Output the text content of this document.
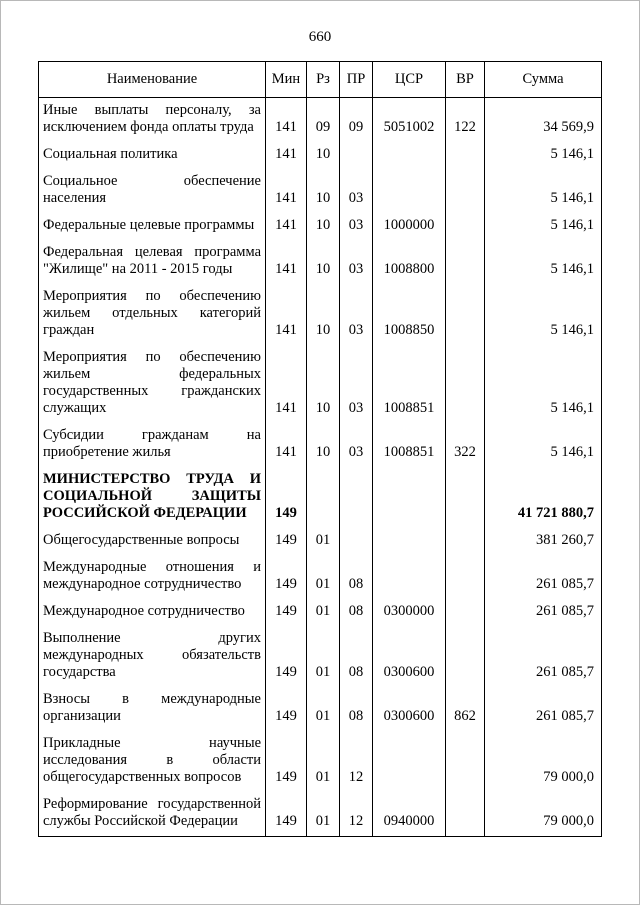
660
Наименование	Мин	Рз	ПР	ЦСР	ВР	Сумма
Иные выплаты персоналу, за исключением фонда оплаты труда	141	09	09	5051002	122	34 569,9
Социальная политика	141	10				5 146,1
Социальное обеспечение населения	141	10	03			5 146,1
Федеральные целевые программы	141	10	03	1000000		5 146,1
Федеральная целевая программа "Жилище" на 2011 - 2015 годы	141	10	03	1008800		5 146,1
Мероприятия по обеспечению жильем отдельных категорий граждан	141	10	03	1008850		5 146,1
Мероприятия по обеспечению жильем федеральных государственных гражданских служащих	141	10	03	1008851		5 146,1
Субсидии гражданам на приобретение жилья	141	10	03	1008851	322	5 146,1
МИНИСТЕРСТВО ТРУДА И СОЦИАЛЬНОЙ ЗАЩИТЫ РОССИЙСКОЙ ФЕДЕРАЦИИ	149					41 721 880,7
Общегосударственные вопросы	149	01				381 260,7
Международные отношения и международное сотрудничество	149	01	08			261 085,7
Международное сотрудничество	149	01	08	0300000		261 085,7
Выполнение других международных обязательств государства	149	01	08	0300600		261 085,7
Взносы в международные организации	149	01	08	0300600	862	261 085,7
Прикладные научные исследования в области общегосударственных вопросов	149	01	12			79 000,0
Реформирование государственной службы Российской Федерации	149	01	12	0940000		79 000,0
